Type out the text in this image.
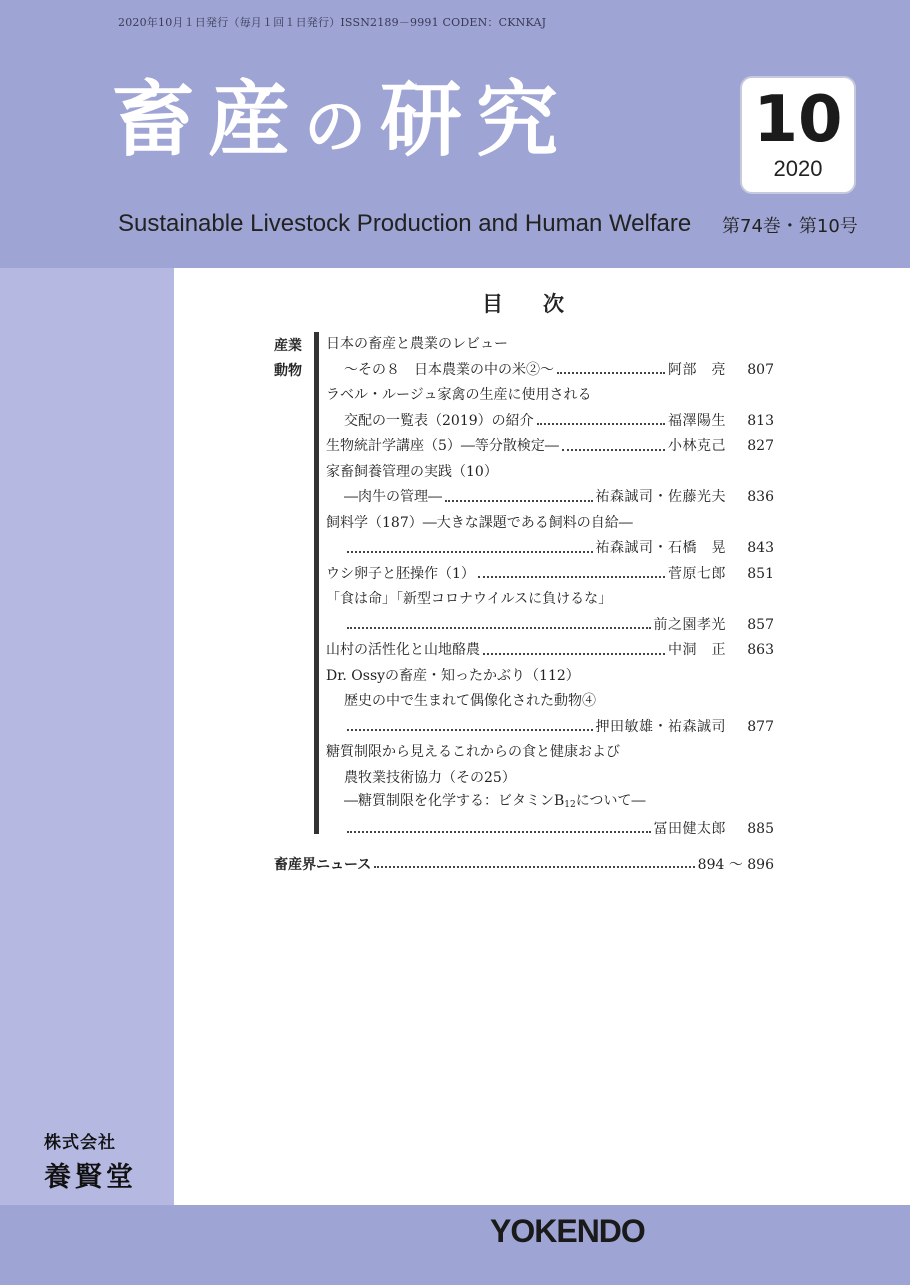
2020年10月１日発行（毎月１回１日発行）ISSN2189－9991 CODEN：CKNKAJ
畜産の研究	10
2020
Sustainable Livestock Production and Human Welfare 第74巻・第10号
目次
産業
動物
日本の畜産と農業のレビュー
〜その８　日本農業の中の米②〜	阿部　亮	807
ラベル・ルージュ家禽の生産に使用される
交配の一覧表（2019）の紹介	福澤陽生	813
生物統計学講座（5）―等分散検定―	小林克己	827
家畜飼養管理の実践（10）
―肉牛の管理―	祐森誠司・佐藤光夫	836
飼料学（187）―大きな課題である飼料の自給―
祐森誠司・石橋　晃	843
ウシ卵子と胚操作（1）	菅原七郎	851
「食は命」「新型コロナウイルスに負けるな」
前之園孝光	857
山村の活性化と山地酪農	中洞　正	863
Dr. Ossyの畜産・知ったかぶり（112）
歴史の中で生まれて偶像化された動物④
押田敏雄・祐森誠司	877
糖質制限から見えるこれからの食と健康および
農牧業技術協力（その25）
―糖質制限を化学する：ビタミン$B_{12}$について―
冨田健太郎	885
畜産界ニュース	894 〜 896
株式会社
養賢堂
YOKENDO
